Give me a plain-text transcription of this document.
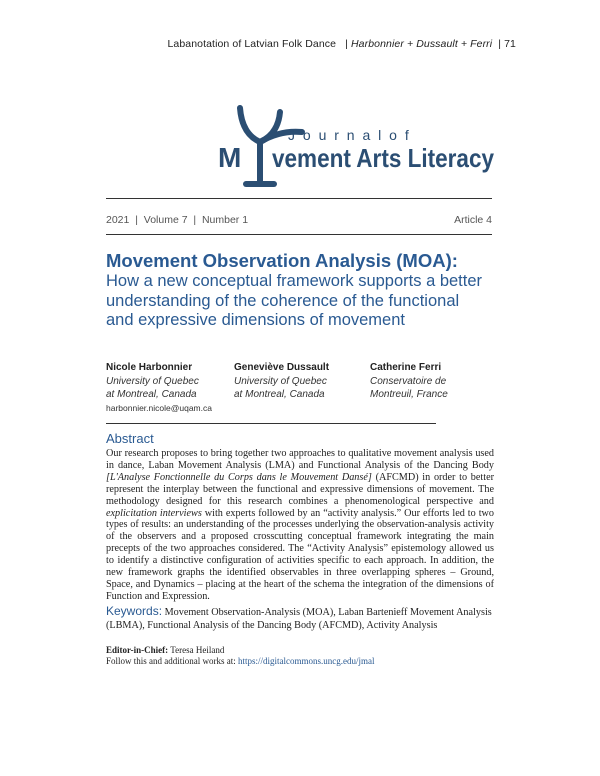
Labanotation of Latvian Folk Dance | Harbonnier + Dussault + Ferri | 71
J o u r n a l o f
M vement Arts Literacy
2021  |  Volume 7  |  Number 1	Article 4
Movement Observation Analysis (MOA):
How a new conceptual framework supports a better understanding of the coherence of the functional and expressive dimensions of movement
Nicole Harbonnier
University of Quebec
at Montreal, Canada
harbonnier.nicole@uqam.ca
Geneviève Dussault
University of Quebec
at Montreal, Canada
Catherine Ferri
Conservatoire de
Montreuil, France
Abstract
Our research proposes to bring together two approaches to qualitative movement analysis used in dance, Laban Movement Analysis (LMA) and Functional Analysis of the Dancing Body [L'Analyse Fonctionnelle du Corps dans le Mouvement Dansé] (AFCMD) in order to better represent the interplay between the functional and expressive dimensions of movement. The methodology designed for this research combines a phenomenological perspective and explicitation interviews with experts followed by an “activity analysis.” Our efforts led to two types of results: an understanding of the processes underlying the observation-analysis activity of the observers and a proposed crosscutting conceptual framework integrating the main precepts of the two approaches considered. The “Activity Analysis” epistemology allowed us to identify a distinctive configuration of activities specific to each approach. In addition, the new framework graphs the identified observables in three overlapping spheres – Ground, Space, and Dynamics – placing at the heart of the schema the integration of the dimensions of Function and Expression.
Keywords: Movement Observation-Analysis (MOA), Laban Bartenieff Movement Analysis (LBMA), Functional Analysis of the Dancing Body (AFCMD), Activity Analysis
Editor-in-Chief: Teresa Heiland
Follow this and additional works at: https://digitalcommons.uncg.edu/jmal
